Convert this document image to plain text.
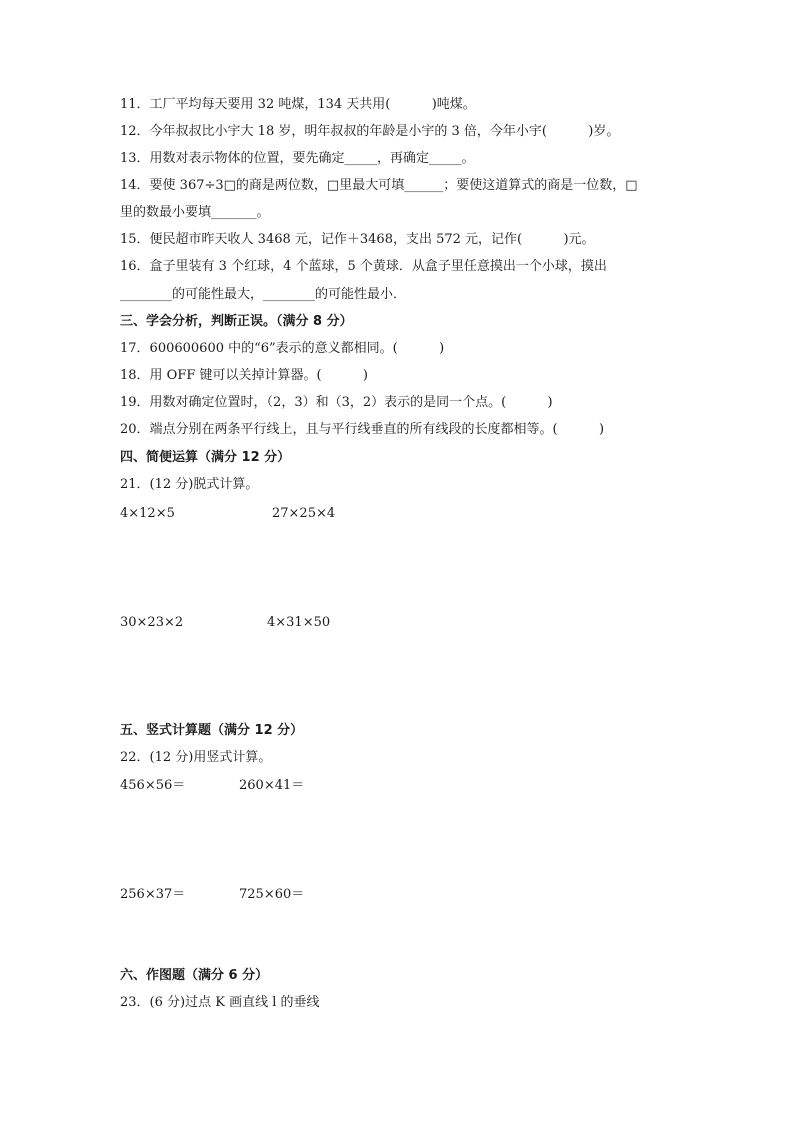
11．工厂平均每天要用 32 吨煤，134 天共用(          )吨煤。
12．今年叔叔比小宇大 18 岁，明年叔叔的年龄是小宇的 3 倍，今年小宇(          )岁。
13．用数对表示物体的位置，要先确定_____，再确定_____。
14．要使 367÷3□的商是两位数，□里最大可填______；要使这道算式的商是一位数，□
里的数最小要填_______。
15．便民超市昨天收人 3468 元，记作＋3468，支出 572 元，记作(          )元。
16．盒子里装有 3 个红球，4 个蓝球，5 个黄球．从盒子里任意摸出一个小球，摸出
________的可能性最大，________的可能性最小．
三、学会分析，判断正误。（满分 8 分）
17．600600600 中的“6”表示的意义都相同。(          )
18．用 OFF 键可以关掉计算器。(          )
19．用数对确定位置时，（2，3）和（3，2）表示的是同一个点。(          )
20．端点分别在两条平行线上，且与平行线垂直的所有线段的长度都相等。(          )
四、简便运算（满分 12 分）
21．(12 分)脱式计算。
4×12×5	27×25×4
30×23×2	4×31×50
五、竖式计算题（满分 12 分）
22．(12 分)用竖式计算。
456×56＝	260×41＝
256×37＝	725×60＝
六、作图题（满分 6 分）
23．(6 分)过点 K 画直线 l 的垂线
